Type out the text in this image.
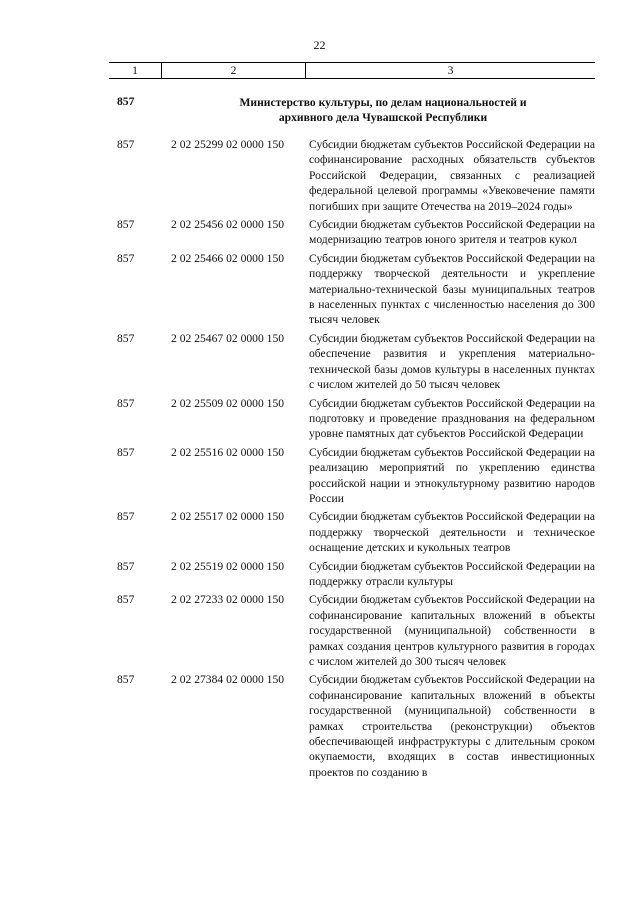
22
1	2	3
857	Министерство культуры, по делам национальностей и архивного дела Чувашской Республики
857	2 02 25299 02 0000 150	Субсидии бюджетам субъектов Российской Федерации на софинансирование расходных обязательств субъектов Российской Федерации, связанных с реализацией федеральной целевой программы «Увековечение памяти погибших при защите Отечества на 2019–2024 годы»
857	2 02 25456 02 0000 150	Субсидии бюджетам субъектов Российской Федерации на модернизацию театров юного зрителя и театров кукол
857	2 02 25466 02 0000 150	Субсидии бюджетам субъектов Российской Федерации на поддержку творческой деятельности и укрепление материально-технической базы муниципальных театров в населенных пунктах с численностью населения до 300 тысяч человек
857	2 02 25467 02 0000 150	Субсидии бюджетам субъектов Российской Федерации на обеспечение развития и укрепления материально-технической базы домов культуры в населенных пунктах с числом жителей до 50 тысяч человек
857	2 02 25509 02 0000 150	Субсидии бюджетам субъектов Российской Федерации на подготовку и проведение празднования на федеральном уровне памятных дат субъектов Российской Федерации
857	2 02 25516 02 0000 150	Субсидии бюджетам субъектов Российской Федерации на реализацию мероприятий по укреплению единства российской нации и этнокультурному развитию народов России
857	2 02 25517 02 0000 150	Субсидии бюджетам субъектов Российской Федерации на поддержку творческой деятельности и техническое оснащение детских и кукольных театров
857	2 02 25519 02 0000 150	Субсидии бюджетам субъектов Российской Федерации на поддержку отрасли культуры
857	2 02 27233 02 0000 150	Субсидии бюджетам субъектов Российской Федерации на софинансирование капитальных вложений в объекты государственной (муниципальной) собственности в рамках создания центров культурного развития в городах с числом жителей до 300 тысяч человек
857	2 02 27384 02 0000 150	Субсидии бюджетам субъектов Российской Федерации на софинансирование капитальных вложений в объекты государственной (муниципальной) собственности в рамках строительства (реконструкции) объектов обеспечивающей инфраструктуры с длительным сроком окупаемости, входящих в состав инвестиционных проектов по созданию в
